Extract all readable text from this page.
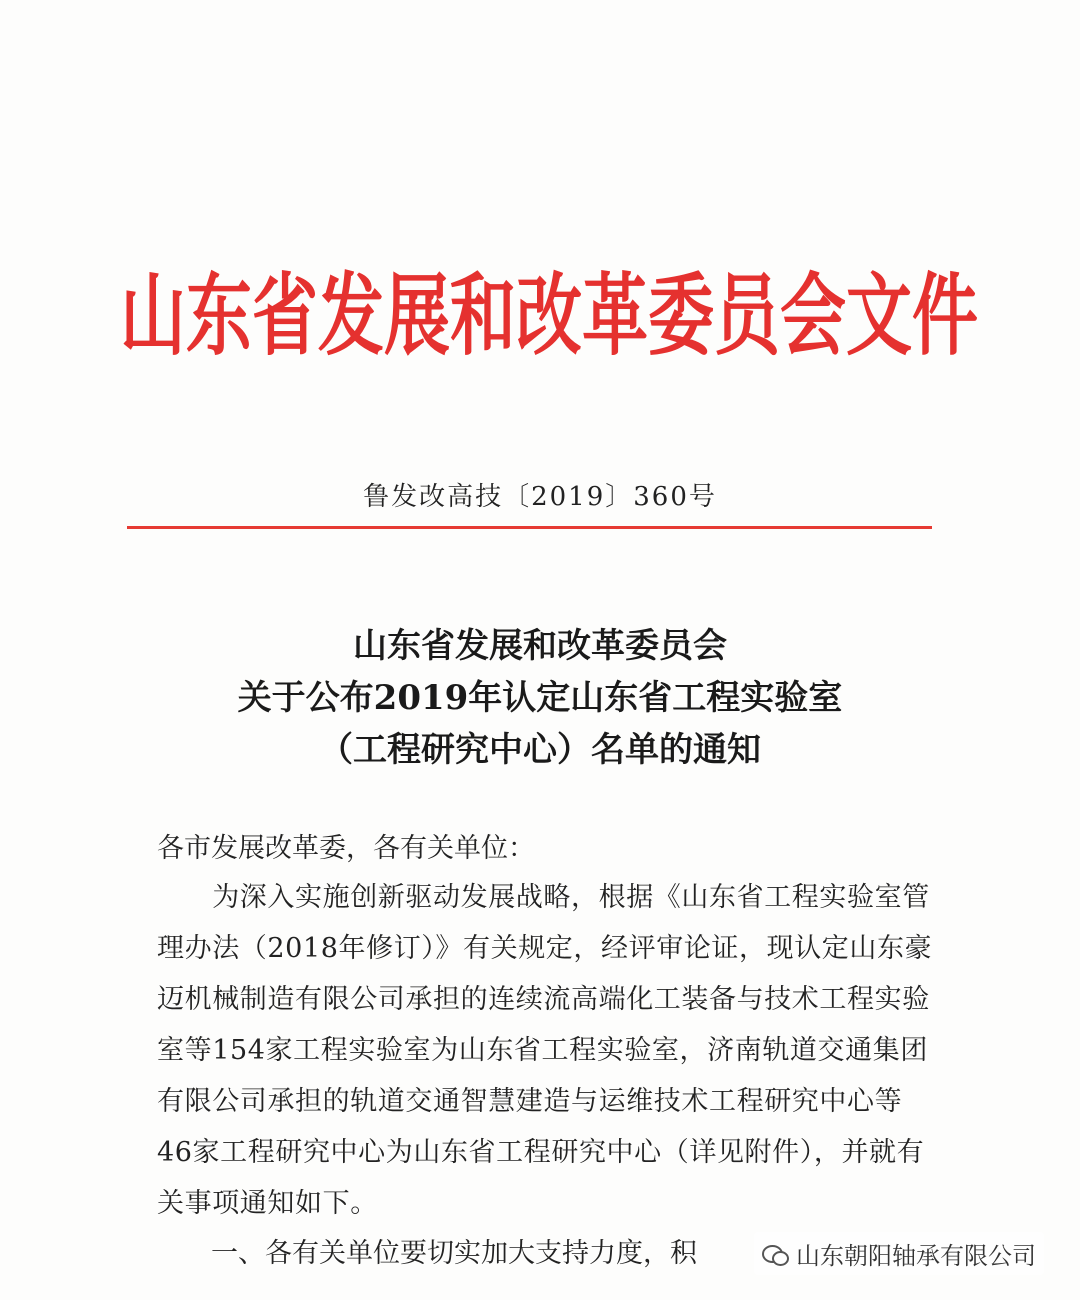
山东省发展和改革委员会文件
鲁发改高技〔2019〕360号
山东省发展和改革委员会
关于公布2019年认定山东省工程实验室
（工程研究中心）名单的通知
各市发展改革委，各有关单位：
　　为深入实施创新驱动发展战略，根据《山东省工程实验室管
理办法（2018年修订）》有关规定，经评审论证，现认定山东豪
迈机械制造有限公司承担的连续流高端化工装备与技术工程实验
室等154家工程实验室为山东省工程实验室，济南轨道交通集团
有限公司承担的轨道交通智慧建造与运维技术工程研究中心等
46家工程研究中心为山东省工程研究中心（详见附件），并就有
关事项通知如下。
一、各有关单位要切实加大支持力度，积	山东朝阳轴承有限公司
